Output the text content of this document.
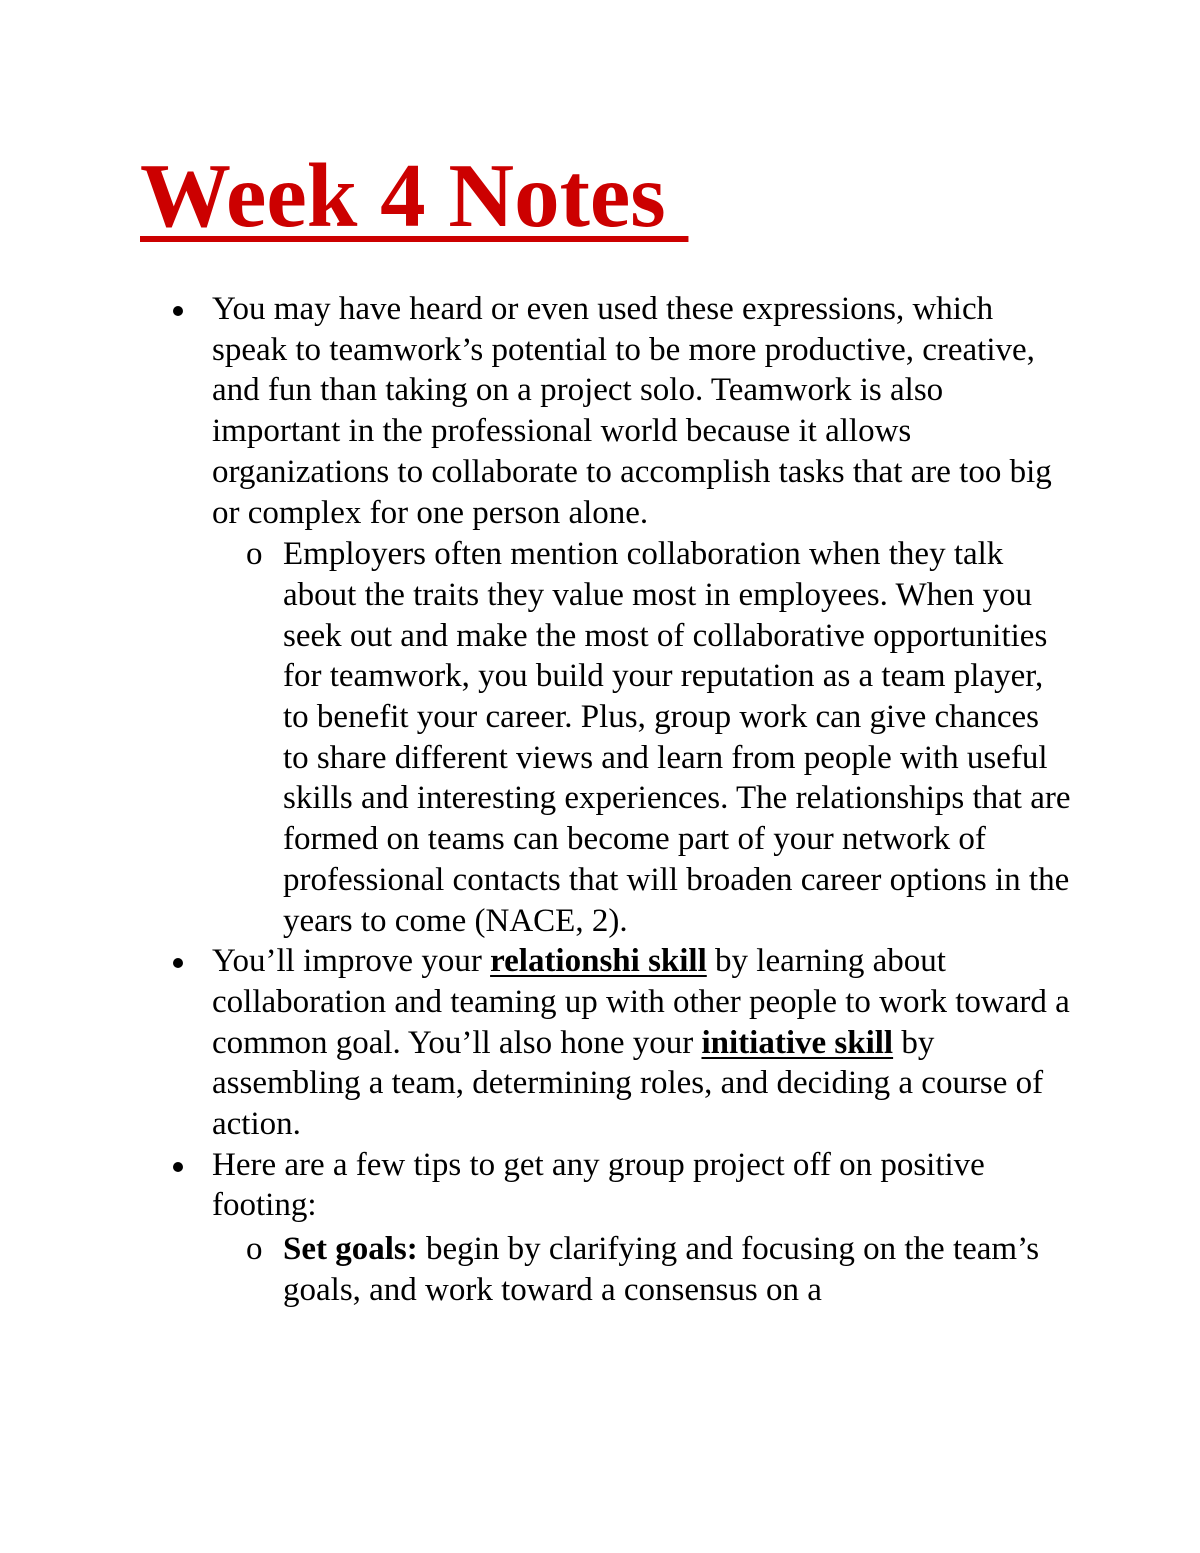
Week 4 Notes
You may have heard or even used these expressions, which speak to teamwork’s potential to be more productive, creative, and fun than taking on a project solo. Teamwork is also important in the professional world because it allows organizations to collaborate to accomplish tasks that are too big or complex for one person alone.
o Employers often mention collaboration when they talk about the traits they value most in employees. When you seek out and make the most of collaborative opportunities for teamwork, you build your reputation as a team player, to benefit your career. Plus, group work can give chances to share different views and learn from people with useful skills and interesting experiences. The relationships that are formed on teams can become part of your network of professional contacts that will broaden career options in the years to come (NACE, 2).
You’ll improve your relationshi skill by learning about collaboration and teaming up with other people to work toward a common goal. You’ll also hone your initiative skill by assembling a team, determining roles, and deciding a course of action.
Here are a few tips to get any group project off on positive footing:
o Set goals: begin by clarifying and focusing on the team’s goals, and work toward a consensus on a
